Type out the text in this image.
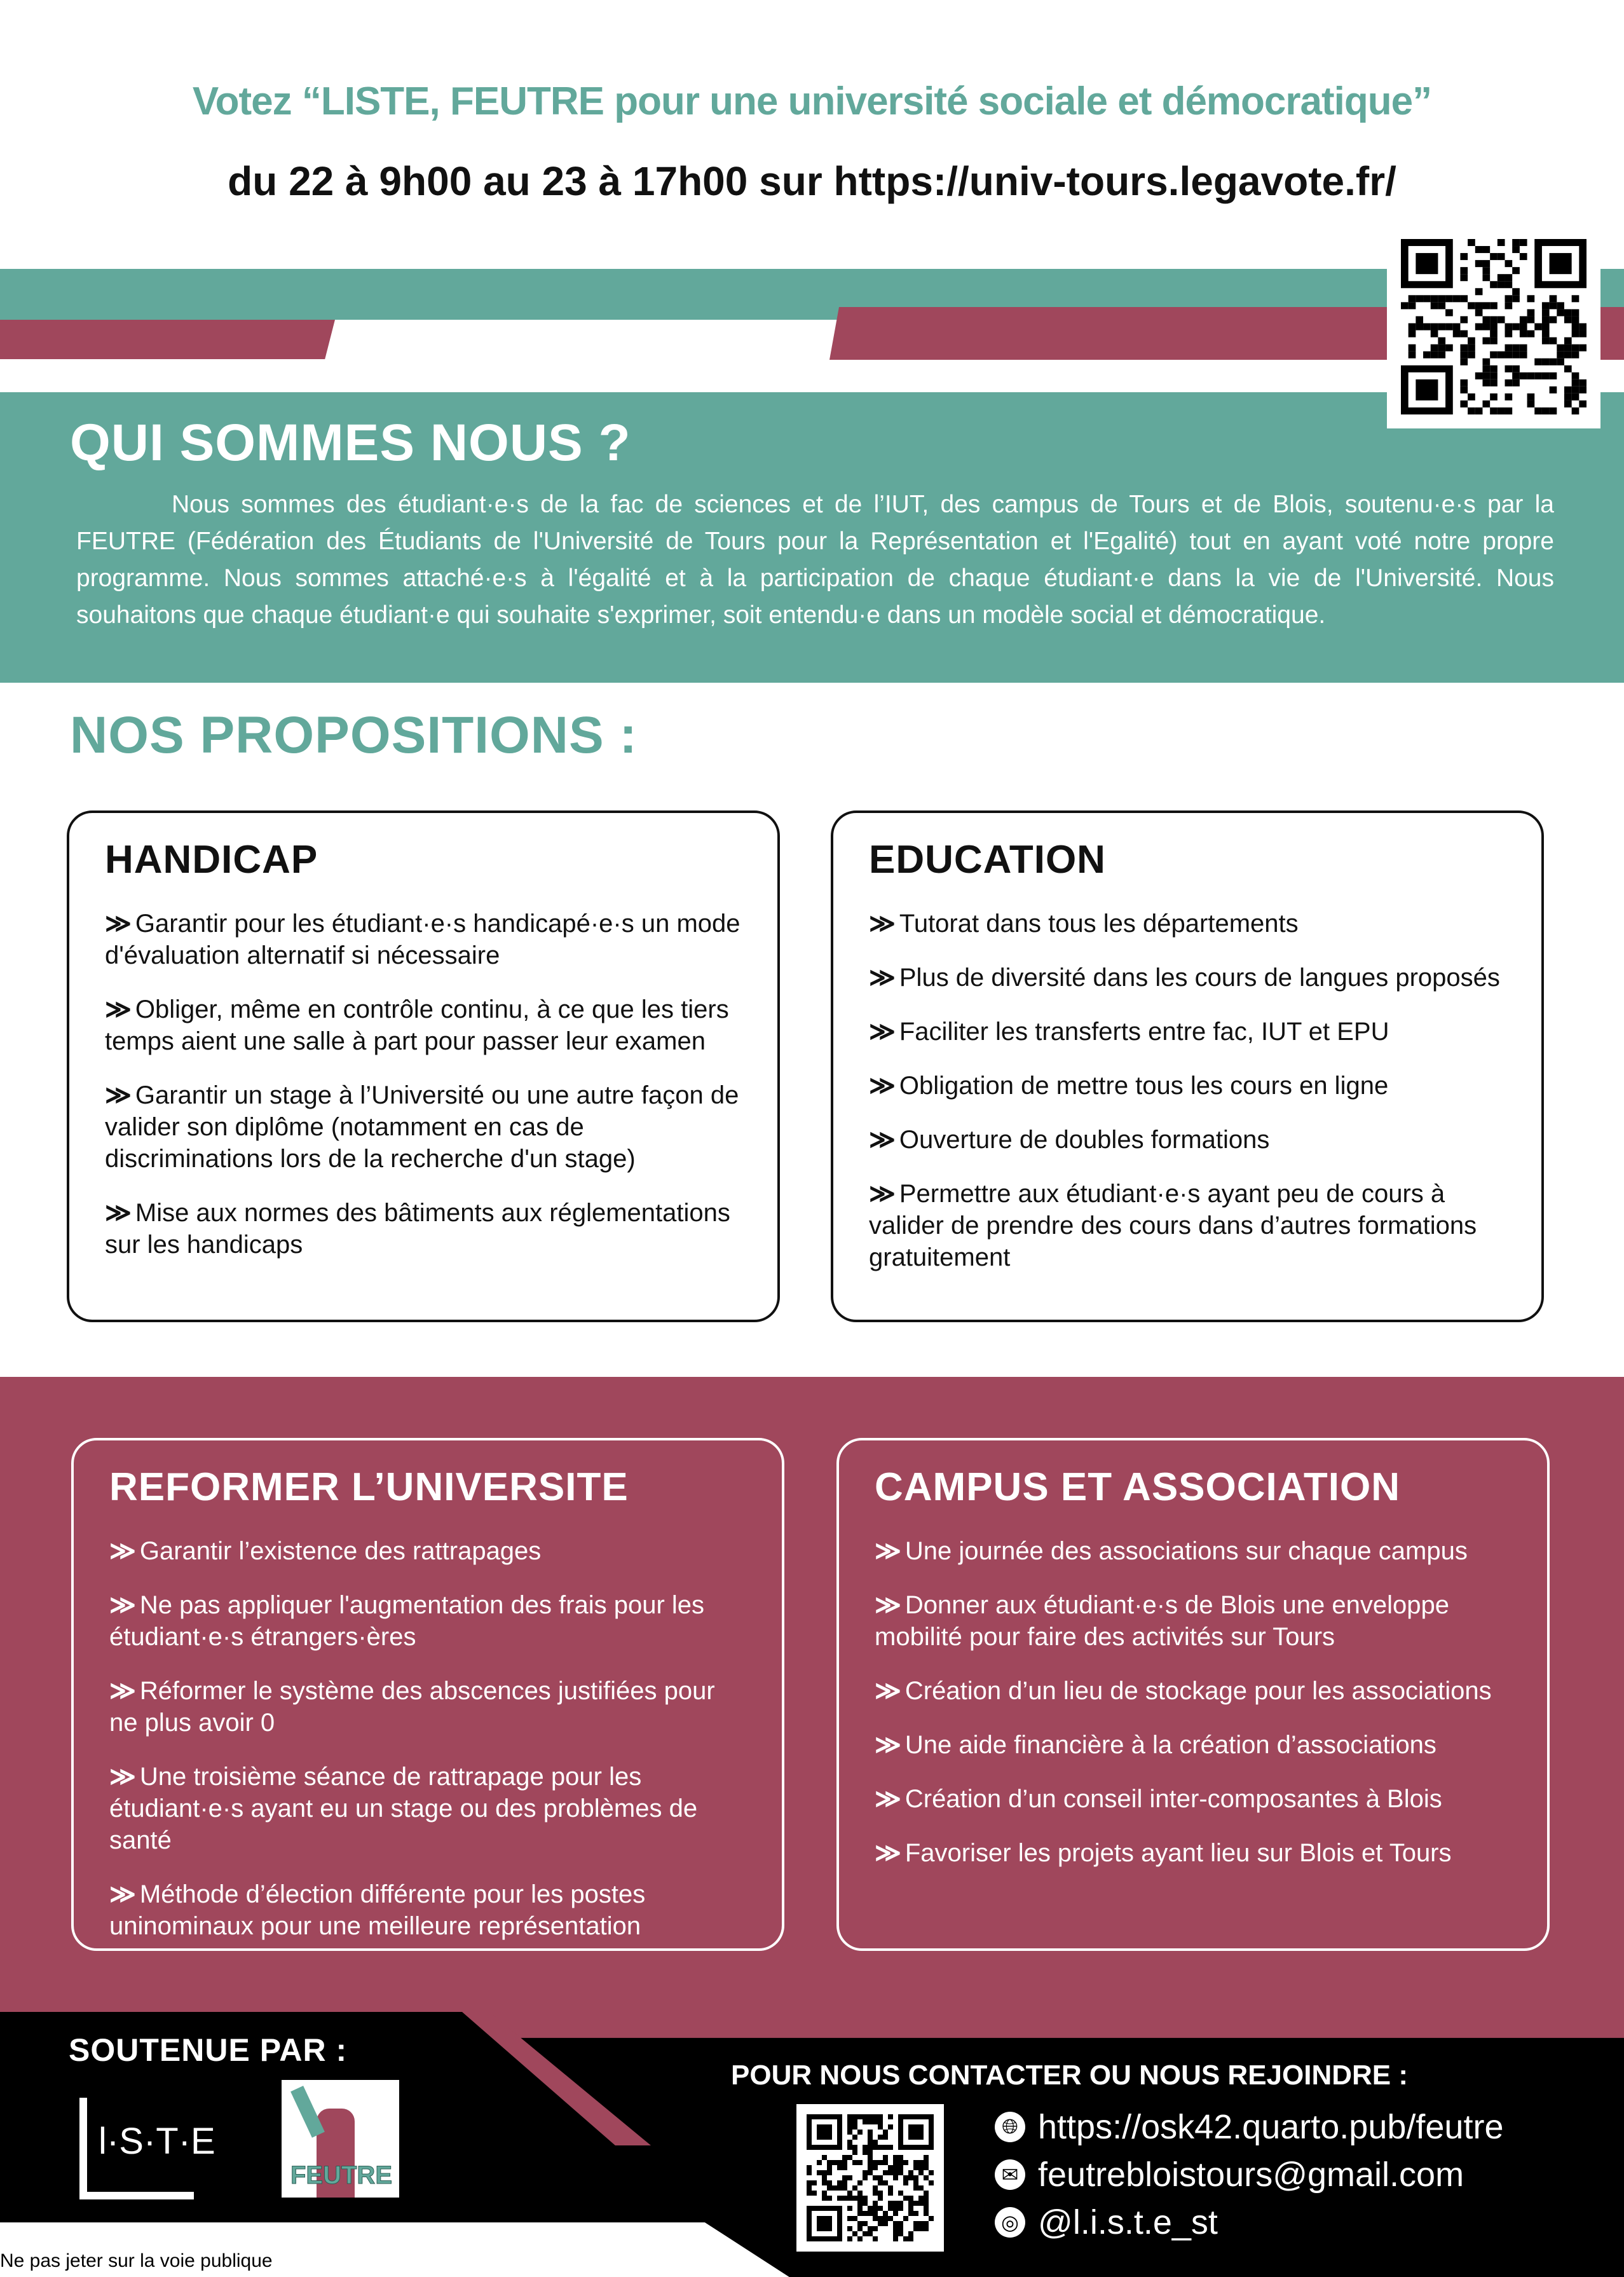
Votez “LISTE, FEUTRE pour une université sociale et démocratique”
du 22 à 9h00 au 23 à 17h00 sur https://univ-tours.legavote.fr/
QUI SOMMES NOUS ?
Nous sommes des étudiant·e·s de la fac de sciences et de l’IUT, des campus de Tours et de Blois, soutenu·e·s par la FEUTRE (Fédération des Étudiants de l'Université de Tours pour la Représentation et l'Egalité) tout en ayant voté notre propre programme. Nous sommes attaché·e·s à l'égalité et à la participation de chaque étudiant·e dans la vie de l'Université. Nous souhaitons que chaque étudiant·e qui souhaite s'exprimer, soit entendu·e dans un modèle social et démocratique.
NOS PROPOSITIONS :
HANDICAP
≫ Garantir pour les étudiant·e·s handicapé·e·s un mode d'évaluation alternatif si nécessaire
≫ Obliger, même en contrôle continu, à ce que les tiers temps aient une salle à part pour passer leur examen
≫ Garantir un stage à l’Université ou une autre façon de valider son diplôme (notamment en cas de discriminations lors de la recherche d'un stage)
≫ Mise aux normes des bâtiments aux réglementations sur les handicaps
EDUCATION
≫ Tutorat dans tous les départements
≫ Plus de diversité dans les cours de langues proposés
≫ Faciliter les transferts entre fac, IUT et EPU
≫ Obligation de mettre tous les cours en ligne
≫ Ouverture de doubles formations
≫ Permettre aux étudiant·e·s ayant peu de cours à valider de prendre des cours dans d’autres formations gratuitement
REFORMER L’UNIVERSITE
≫ Garantir l’existence des rattrapages
≫ Ne pas appliquer l'augmentation des frais pour les étudiant·e·s étrangers·ères
≫ Réformer le système des abscences justifiées pour ne plus avoir 0
≫ Une troisième séance de rattrapage pour les étudiant·e·s ayant eu un stage ou des problèmes de santé
≫ Méthode d’élection différente pour les postes uninominaux pour une meilleure représentation
CAMPUS ET ASSOCIATION
≫ Une journée des associations sur chaque campus
≫ Donner aux étudiant·e·s de Blois une enveloppe mobilité pour faire des activités sur Tours
≫ Création d’un lieu de stockage pour les associations
≫ Une aide financière à la création d’associations
≫ Création d’un conseil inter-composantes à Blois
≫ Favoriser les projets ayant lieu sur Blois et Tours
SOUTENUE PAR :
l·S·T·E
FEUTRE
POUR NOUS CONTACTER OU NOUS REJOINDRE :
🌐︎ https://osk42.quarto.pub/feutre
✉ feutrebloistours@gmail.com
◎ @l.i.s.t.e_st
Ne pas jeter sur la voie publique
